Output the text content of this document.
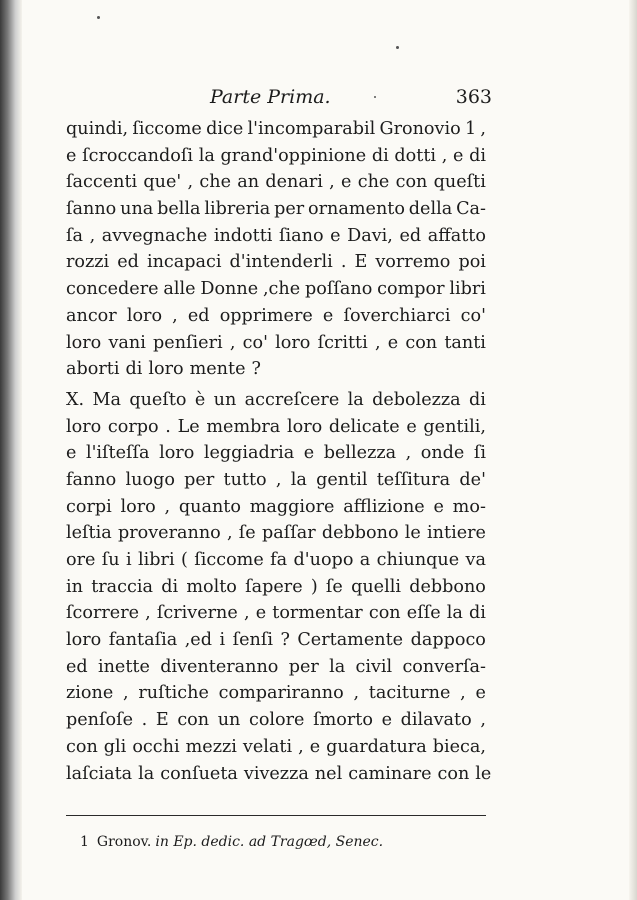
Parte Prima.	363
quindi, ſiccome dice l'incomparabil Gronovio 1 ,
e ſcroccandoſi la grand'oppinione di dotti , e di
ſaccenti que' , che an denari , e che con queſti
ſanno una bella libreria per ornamento della Ca-
ſa , avvegnache indotti ſiano e Davi, ed affatto
rozzi ed incapaci d'intenderli . E vorremo poi
concedere alle Donne ,che poſſano compor libri
ancor loro , ed opprimere e ſoverchiarci co'
loro vani penſieri , co' loro ſcritti , e con tanti
aborti di loro mente ?
X. Ma queſto è un accreſcere la debolezza di
loro corpo . Le membra loro delicate e gentili,
e l'iſteſſa loro leggiadria e bellezza , onde ſi
fanno luogo per tutto , la gentil teſſitura de'
corpi loro , quanto maggiore afflizione e mo-
leſtia proveranno , ſe paſſar debbono le intiere
ore ſu i libri ( ſiccome fa d'uopo a chiunque va
in traccia di molto ſapere ) ſe quelli debbono
ſcorrere , ſcriverne , e tormentar con eſſe la di
loro fantaſia ,ed i ſenſi ? Certamente dappoco
ed inette diventeranno per la civil converſa-
zione , ruſtiche compariranno , taciturne , e
penſoſe . E con un colore ſmorto e dilavato ,
con gli occhi mezzi velati , e guardatura bieca,
laſciata la conſueta vivezza nel caminare con le
1 Gronov. in Ep. dedic. ad Tragœd, Senec.
